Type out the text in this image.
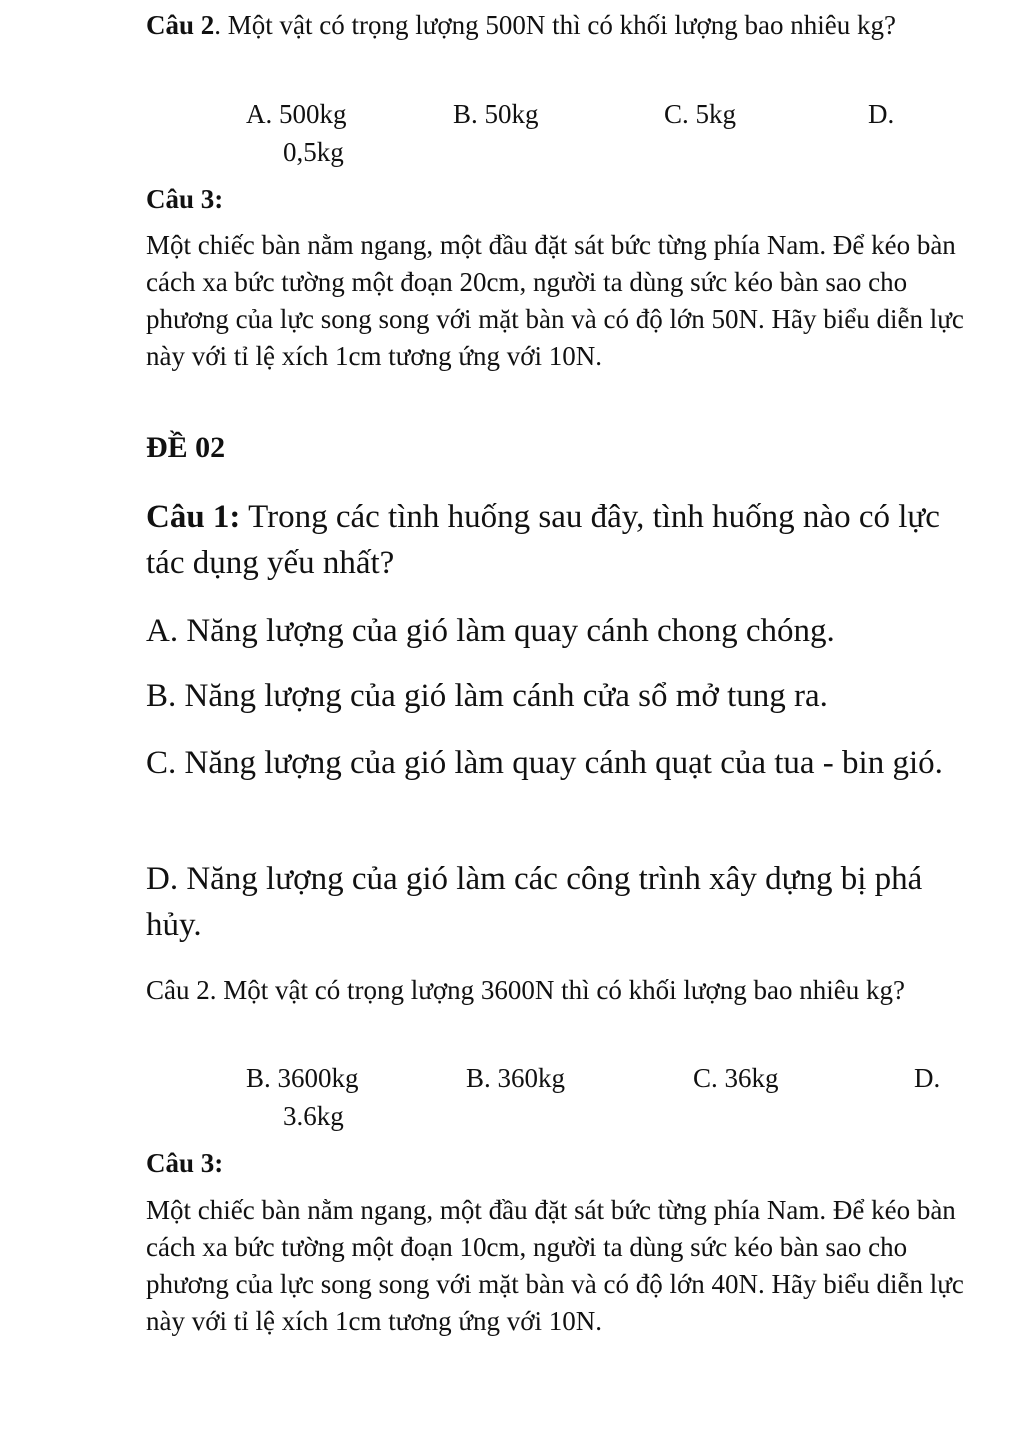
Câu 2. Một vật có trọng lượng 500N thì có khối lượng bao nhiêu kg?

A. 500kg	B. 50kg	C. 5kg	D.
0,5kg

Câu 3:

Một chiếc bàn nằm ngang, một đầu đặt sát bức từng phía Nam. Để kéo bàn cách xa bức tường một đoạn 20cm, người ta dùng sức kéo bàn sao cho phương của lực song song với mặt bàn và có độ lớn 50N. Hãy biểu diễn lực này với tỉ lệ xích 1cm tương ứng với 10N.

ĐỀ 02

Câu 1: Trong các tình huống sau đây, tình huống nào có lực tác dụng yếu nhất?

A. Năng lượng của gió làm quay cánh chong chóng.

B. Năng lượng của gió làm cánh cửa sổ mở tung ra.

C. Năng lượng của gió làm quay cánh quạt của tua - bin gió.

D. Năng lượng của gió làm các công trình xây dựng bị phá hủy.

Câu 2. Một vật có trọng lượng 3600N thì có khối lượng bao nhiêu kg?

B. 3600kg	B. 360kg	C. 36kg	D.
3.6kg

Câu 3:

Một chiếc bàn nằm ngang, một đầu đặt sát bức từng phía Nam. Để kéo bàn cách xa bức tường một đoạn 10cm, người ta dùng sức kéo bàn sao cho phương của lực song song với mặt bàn và có độ lớn 40N. Hãy biểu diễn lực này với tỉ lệ xích 1cm tương ứng với 10N.
